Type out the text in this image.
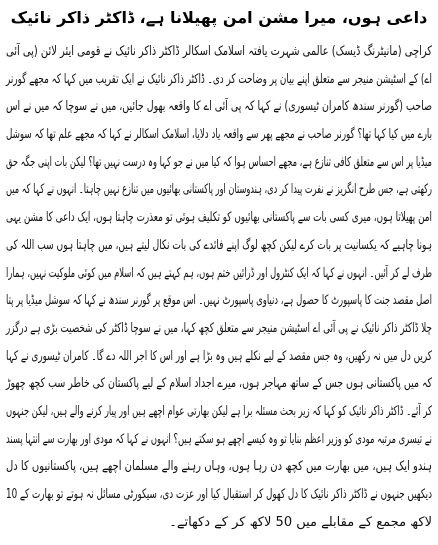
داعی ہوں، میرا مشن امن پھیلانا ہے، ڈاکٹر ذاکر نائیک
کراچی (مانیٹرنگ ڈیسک) عالمی شہرت یافتہ اسلامک اسکالر ڈاکٹر ذاکر نائیک نے قومی ایئر لائن (پی آئی
اے) کے اسٹیشن منیجر سے متعلق اپنے بیان پر وضاحت کر دی۔ ڈاکٹر ذاکر نائیک نے ایک تقریب میں کہا کہ مجھے گورنر
صاحب (گورنر سندھ کامران ٹیسوری) نے کہا کہ پی آئی اے کا واقعہ بھول جائیں، میں نے سوچا کہ میں نے اس
بارے میں کیا کہا تھا؟ گورنر صاحب نے مجھے پھر سے واقعہ یاد دلایا، اسلامک اسکالر نے کہا کہ مجھے علم تھا کہ سوشل
میڈیا پر اس سے متعلق کافی تنازع ہے، مجھے احساس ہوا کہ کیا میں نے جو کہا وہ درست نہیں تھا؟ لیکن بات اپنی جگہ حق
رکھتی ہے، جس طرح انگریز نے نفرت پیدا کر دی، ہندوستان اور پاکستانی بھائیوں میں تنازع نہیں چاہتا۔ انہوں نے کہا کہ میں
امن پھیلاتا ہوں، میری کسی بات سے پاکستانی بھائیوں کو تکلیف ہوئی تو معذرت چاہتا ہوں، ایک داعی کا مشن یہی
ہونا چاہیے کہ یکسانیت پر بات کرے لیکن کچھ لوگ اپنے فائدے کی بات نکال لیتے ہیں، میں چاہتا ہوں سب اللہ کی
طرف لے کر آئیں۔ انہوں نے کہا کہ ایک کنٹرول اور ڈرائیں ختم ہوں، ہم کہتے ہیں کہ اسلام میں کوئی ملوکیت نہیں، ہمارا
اصل مقصد جنت کا پاسپورٹ کا حصول ہے، دنیاوی پاسپورٹ نہیں۔ اس موقع پر گورنر سندھ نے کہا کہ سوشل میڈیا پر پتا
چلا ڈاکٹر ذاکر نائیک نے پی آئی اے اسٹیشن منیجر سے متعلق کچھ کہا، میں نے سوچا ڈاکٹر کی شخصیت بڑی ہے درگزر
کریں دل میں نہ رکھیں، وہ جس مقصد کے لیے نکلے ہیں وہ بڑا ہے اور اس کا اجر اللہ دے گا۔ کامران ٹیسوری نے کہا
کہ میں پاکستانی ہوں جس کے ساتھ مہاجر ہوں، میرے اجداد اسلام کے لیے پاکستان کی خاطر سب کچھ چھوڑ
کر آئے۔ ڈاکٹر ذاکر نائیک کو کہا کہ زیر بحث مسئلہ برا ہے لیکن بھارتی عوام اچھے ہیں اور پیار کرنے والے ہیں، لیکن جنہوں
نے تیسری مرتبہ مودی کو وزیر اعظم بنایا تو وہ کیسے اچھے ہو سکتے ہیں؟ انہوں نے کہا کہ مودی اور بھارت سے انتہا پسند
ہندو ایک ہیں، میں بھارت میں کچھ دن رہا ہوں، وہاں رہنے والے مسلمان اچھے ہیں، پاکستانیوں کا دل
دیکھیں جنہوں نے ڈاکٹر ذاکر نائیک کا دل کھول کر استقبال کیا اور عزت دی، سیکورٹی مسائل نہ ہوتے تو بھارت کے 10
لاکھ مجمع کے مقابلے میں 50 لاکھ کر کے دکھاتے۔
